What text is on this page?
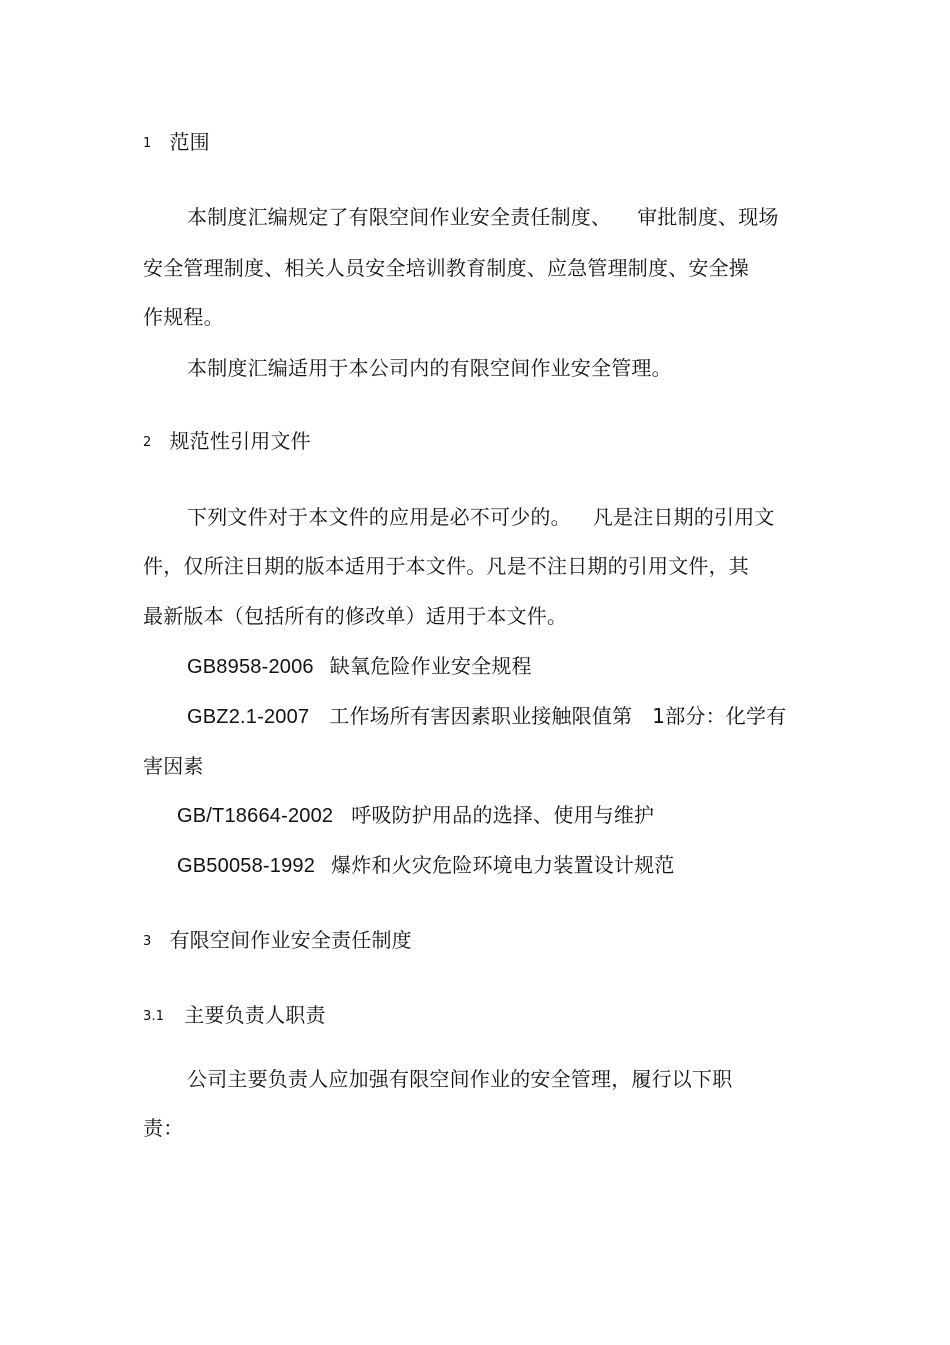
1 范围
本制度汇编规定了有限空间作业安全责任制度、 审批制度、现场
安全管理制度、相关人员安全培训教育制度、应急管理制度、安全操
作规程。
本制度汇编适用于本公司内的有限空间作业安全管理。
2 规范性引用文件
下列文件对于本文件的应用是必不可少的。 凡是注日期的引用文
件，仅所注日期的版本适用于本文件。凡是不注日期的引用文件，其
最新版本（包括所有的修改单）适用于本文件。
GB8958-2006 缺氧危险作业安全规程
GBZ2.1-2007 工作场所有害因素职业接触限值第 1部分：化学有
害因素
GB/T18664-2002 呼吸防护用品的选择、使用与维护
GB50058-1992 爆炸和火灾危险环境电力装置设计规范
3 有限空间作业安全责任制度
3.1 主要负责人职责
公司主要负责人应加强有限空间作业的安全管理，履行以下职
责：
